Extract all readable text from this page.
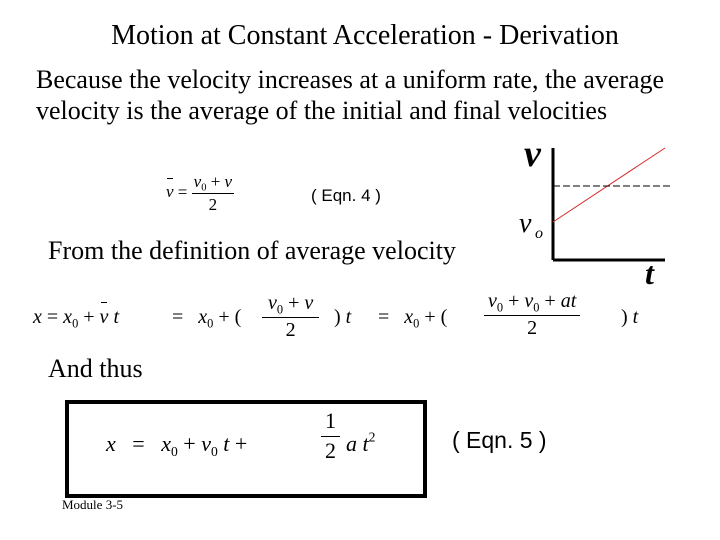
Motion at Constant Acceleration - Derivation
Because the velocity increases at a uniform rate, the average
velocity is the average of the initial and final velocities
$v = \frac{v_0 + v}{2}$	( Eqn. 4 )
v
v o
t
From the definition of average velocity
$x = x_0 + v$ t	= $x_0$ + ( $\frac{v_0 + v}{2}$ ) $t = x_0$ + ( $\frac{v_0 + v_0 + at}{2}$ ) t
And thus
$x = x_0 + v_0$ t +	$\frac{1}{2}$ a $t^2$	( Eqn. 5 )
Module 3-5
